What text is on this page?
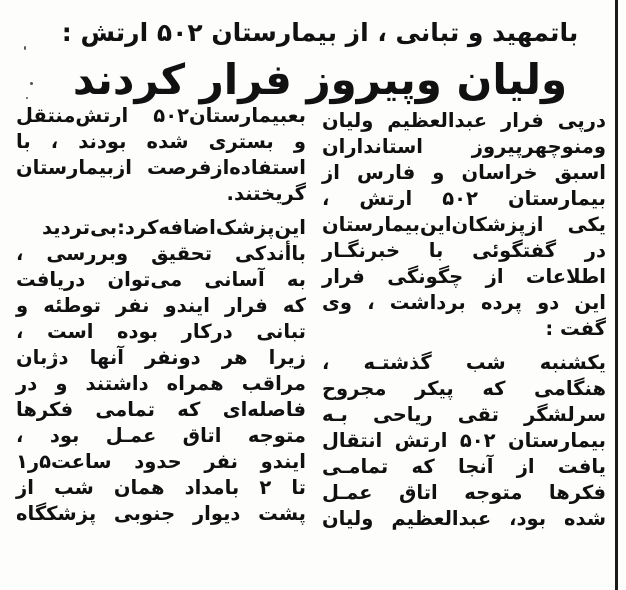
باتمهید و تبانی ، از بیمارستان ۵۰۲ ارتش :
ولیان وپیروز فرار کردند
درپی فرار عبدالعظیم ولیان
ومنوچهرپیروز استانداران
اسبق خراسان و فارس از
بیمارستان ۵۰۲ ارتش ،
یکی ازپزشکان‌این‌بیمارستان
در گفتگوئی با خبرنگـار
اطلاعات از چگونگی فرار
این دو پرده برداشت ، وی
گفت :
یکشنبه شب گذشتـه ،
هنگامی که پیکر مجروح
سرلشگر تقی ریاحی بـه
بیمارستان ۵۰۲ ارتش انتقال
یافت از آنجا که تمامـی
فکرها متوجه اتاق عمـل
شده بود، عبدالعظیم ولیان
بعبیمارستان۵۰۲ ارتش‌منتقل
و بستری شده بودند ، با
استفاده‌ازفرصت ازبیمارستان
گریختند.
این‌پزشک‌اضافه‌کرد:بی‌تردید
باأندکی تحقیق وبررسی ،
به آسانی می‌توان دریافت
که فرار ایندو نفر توطئه و
تبانی درکار بوده است ،
زیرا هر دونفر آنها دژبان
مراقب همراه داشتند و در
فاصله‌ای که تمامی فکرها
متوجه اتاق عمـل بود ،
ایندو نفر حدود ساعت۵ر۱
تا ۲ بامداد همان شب از
پشت دیوار جنوبی پزشکگاه
